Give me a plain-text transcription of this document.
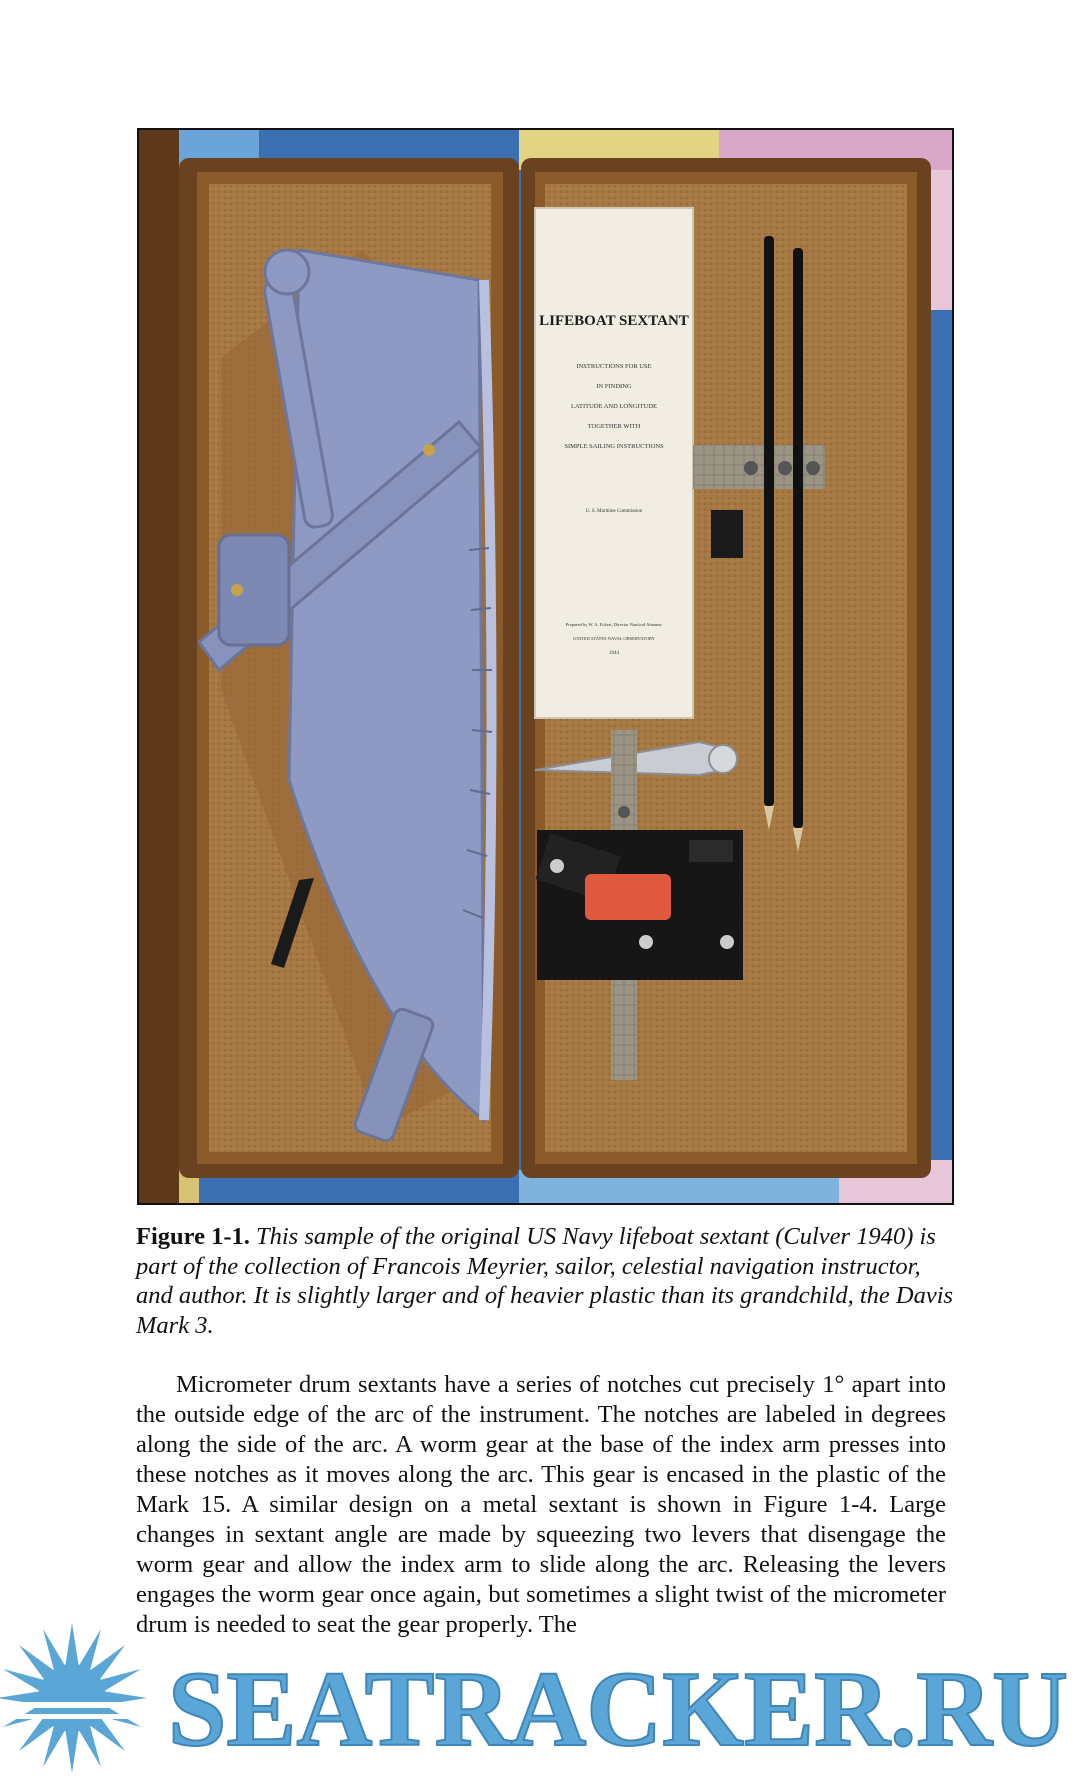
LIFEBOAT SEXTANT
INSTRUCTIONS FOR USE
IN FINDING
LATITUDE AND LONGITUDE
TOGETHER WITH
SIMPLE SAILING INSTRUCTIONS
U. S. Maritime Commission
Prepared by W. A. Eckert, Director Nautical Almanac
UNITED STATES NAVAL OBSERVATORY
1944

Figure 1-1. This sample of the original US Navy lifeboat sextant (Culver 1940) is part of the collection of Francois Meyrier, sailor, celestial navigation instructor, and author. It is slightly larger and of heavier plastic than its grandchild, the Davis Mark 3.

Micrometer drum sextants have a series of notches cut precisely 1° apart into the outside edge of the arc of the instrument. The notches are labeled in degrees along the side of the arc. A worm gear at the base of the index arm presses into these notches as it moves along the arc. This gear is encased in the plastic of the Mark 15. A similar design on a metal sextant is shown in Figure 1-4. Large changes in sextant angle are made by squeezing two levers that disengage the worm gear and allow the index arm to slide along the arc. Releasing the levers engages the worm gear once again, but sometimes a slight twist of the micrometer drum is needed to seat the gear properly. The

SEATRACKER.RU
